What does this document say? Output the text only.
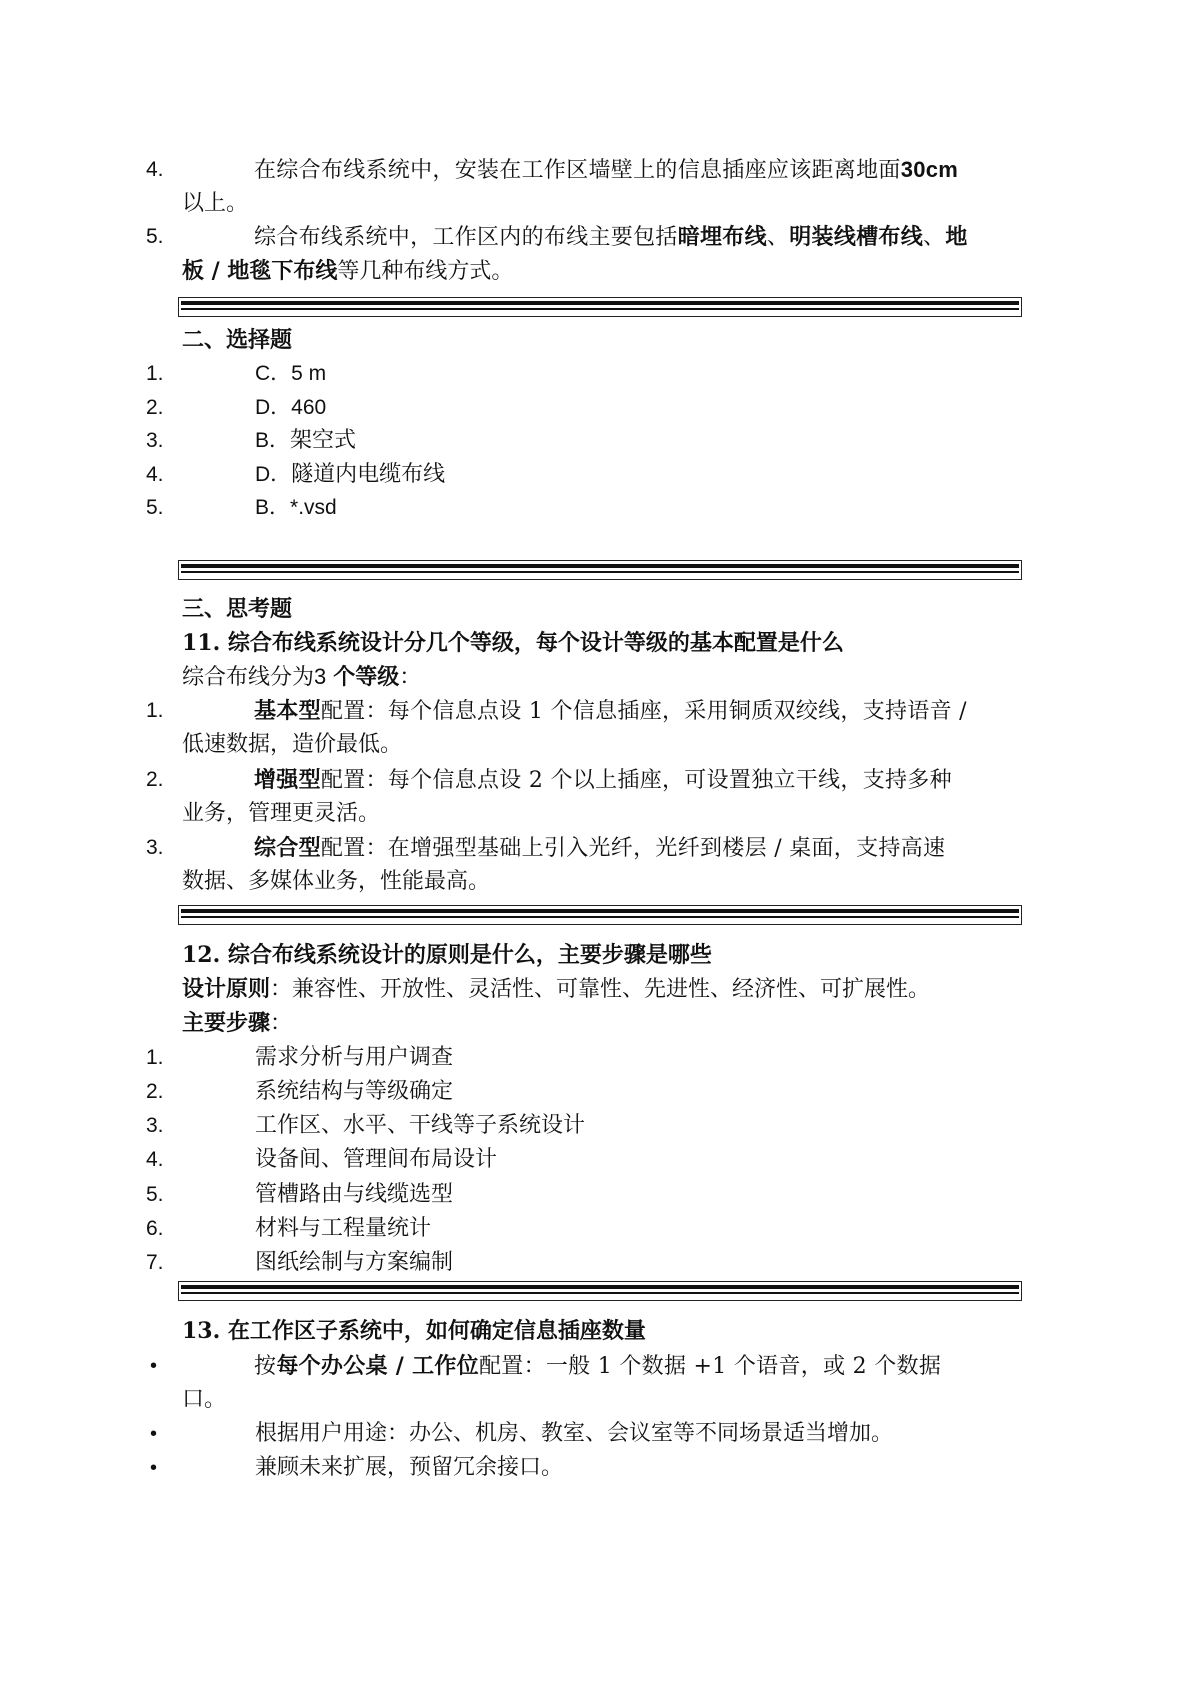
4.	在综合布线系统中，安装在工作区墙壁上的信息插座应该距离地面30cm
以上。
5.	综合布线系统中，工作区内的布线主要包括暗埋布线、明装线槽布线、地
板 / 地毯下布线等几种布线方式。
二、选择题
1.	C．5 m
2.	D．460
3.	B．架空式
4.	D．隧道内电缆布线
5.	B．*.vsd
三、思考题
11. 综合布线系统设计分几个等级，每个设计等级的基本配置是什么
综合布线分为3 个等级：
1.	基本型配置：每个信息点设 1 个信息插座，采用铜质双绞线，支持语音 /
低速数据，造价最低。
2.	增强型配置：每个信息点设 2 个以上插座，可设置独立干线，支持多种
业务，管理更灵活。
3.	综合型配置：在增强型基础上引入光纤，光纤到楼层 / 桌面，支持高速
数据、多媒体业务，性能最高。
12. 综合布线系统设计的原则是什么，主要步骤是哪些
设计原则：兼容性、开放性、灵活性、可靠性、先进性、经济性、可扩展性。
主要步骤：
1.	需求分析与用户调查
2.	系统结构与等级确定
3.	工作区、水平、干线等子系统设计
4.	设备间、管理间布局设计
5.	管槽路由与线缆选型
6.	材料与工程量统计
7.	图纸绘制与方案编制
13. 在工作区子系统中，如何确定信息插座数量
•	按每个办公桌 / 工作位配置：一般 1 个数据 +1 个语音，或 2 个数据
口。
•	根据用户用途：办公、机房、教室、会议室等不同场景适当增加。
•	兼顾未来扩展，预留冗余接口。
